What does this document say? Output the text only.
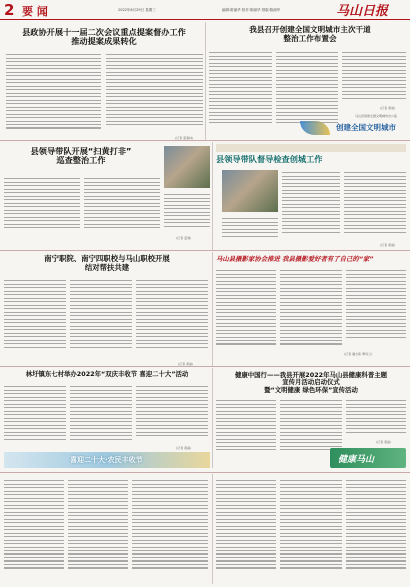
2 要 闻	2022年6月29日 星期三	编辑:陈丽华 校对:陈丽华 排版:陈丽华	马山日报
县政协开展十一届二次会议重点提案督办工作
推动提案成果转化
(记者 蓝春林)
我县召开创建全国文明城市主次干道
整治工作布置会
(记者 黄丽)
马山县创建全国文明城市办公室
创建全国文明城市
县领导带队开展“扫黄打非”
巡查整治工作
(记者 蓝春)
县领导带队督导检查创城工作
(记者 黄丽)
南宁职院、南宁四职校与马山职校开展
结对帮扶共建
(记者 黄丽)
马山县摄影家协会推进 我县摄影爱好者有了自己的“家”
(记者 潘志新 覃凤兰)
林圩镇东七村举办2022年“双庆丰收节 喜迎二十大”活动
(记者 黄丽)
喜迎二十大·农民丰收节
健康中国行——我县开展2022年马山县健康科普主题
宣传月活动启动仪式
暨“文明健康 绿色环保”宣传活动
(记者 黄丽)
健康马山
